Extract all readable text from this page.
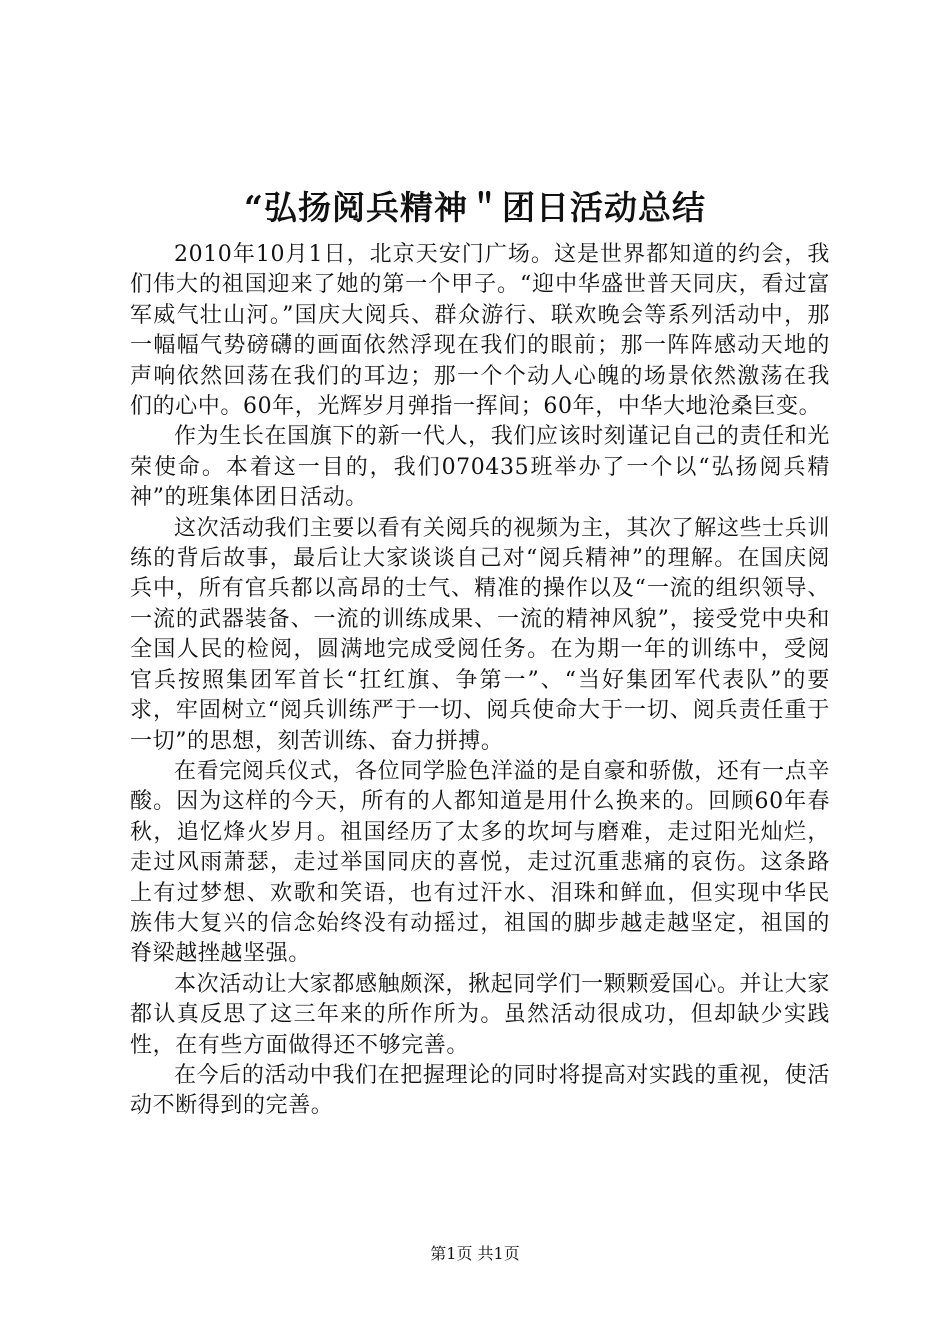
“弘扬阅兵精神＂团日活动总结

2010年10月1日，北京天安门广场。这是世界都知道的约会，我们伟大的祖国迎来了她的第一个甲子。“迎中华盛世普天同庆，看过富军威气壮山河。”国庆大阅兵、群众游行、联欢晚会等系列活动中，那一幅幅气势磅礴的画面依然浮现在我们的眼前；那一阵阵感动天地的声响依然回荡在我们的耳边；那一个个动人心魄的场景依然激荡在我们的心中。60年，光辉岁月弹指一挥间；60年，中华大地沧桑巨变。

作为生长在国旗下的新一代人，我们应该时刻谨记自己的责任和光荣使命。本着这一目的，我们070435班举办了一个以“弘扬阅兵精神”的班集体团日活动。

这次活动我们主要以看有关阅兵的视频为主，其次了解这些士兵训练的背后故事，最后让大家谈谈自己对“阅兵精神”的理解。在国庆阅兵中，所有官兵都以高昂的士气、精准的操作以及“一流的组织领导、一流的武器装备、一流的训练成果、一流的精神风貌”，接受党中央和全国人民的检阅，圆满地完成受阅任务。在为期一年的训练中，受阅官兵按照集团军首长“扛红旗、争第一”、“当好集团军代表队”的要求，牢固树立“阅兵训练严于一切、阅兵使命大于一切、阅兵责任重于一切”的思想，刻苦训练、奋力拼搏。

在看完阅兵仪式，各位同学脸色洋溢的是自豪和骄傲，还有一点辛酸。因为这样的今天，所有的人都知道是用什么换来的。回顾60年春秋，追忆烽火岁月。祖国经历了太多的坎坷与磨难，走过阳光灿烂，走过风雨萧瑟，走过举国同庆的喜悦，走过沉重悲痛的哀伤。这条路上有过梦想、欢歌和笑语，也有过汗水、泪珠和鲜血，但实现中华民族伟大复兴的信念始终没有动摇过，祖国的脚步越走越坚定，祖国的脊梁越挫越坚强。

本次活动让大家都感触颇深，揪起同学们一颗颗爱国心。并让大家都认真反思了这三年来的所作所为。虽然活动很成功，但却缺少实践性，在有些方面做得还不够完善。

在今后的活动中我们在把握理论的同时将提高对实践的重视，使活动不断得到的完善。

第1页 共1页
